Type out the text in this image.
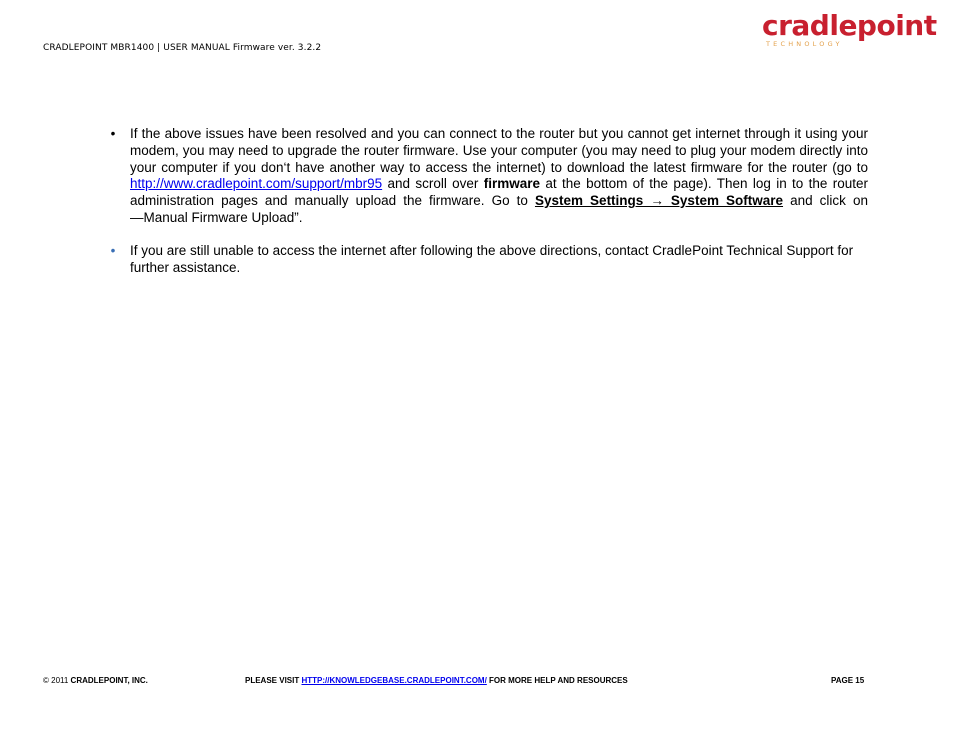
CRADLEPOINT MBR1400 | USER MANUAL Firmware ver. 3.2.2
cradlepoint
TECHNOLOGY
• If the above issues have been resolved and you can connect to the router but you cannot get internet through it using your modem, you may need to upgrade the router firmware. Use your computer (you may need to plug your modem directly into your computer if you don‘t have another way to access the internet) to download the latest firmware for the router (go to http://www.cradlepoint.com/support/mbr95 and scroll over firmware at the bottom of the page). Then log in to the router administration pages and manually upload the firmware. Go to System Settings → System Software and click on ―Manual Firmware Upload”.
• If you are still unable to access the internet after following the above directions, contact CradlePoint Technical Support for further assistance.
© 2011 CRADLEPOINT, INC.	PLEASE VISIT HTTP://KNOWLEDGEBASE.CRADLEPOINT.COM/ FOR MORE HELP AND RESOURCES	PAGE 15
